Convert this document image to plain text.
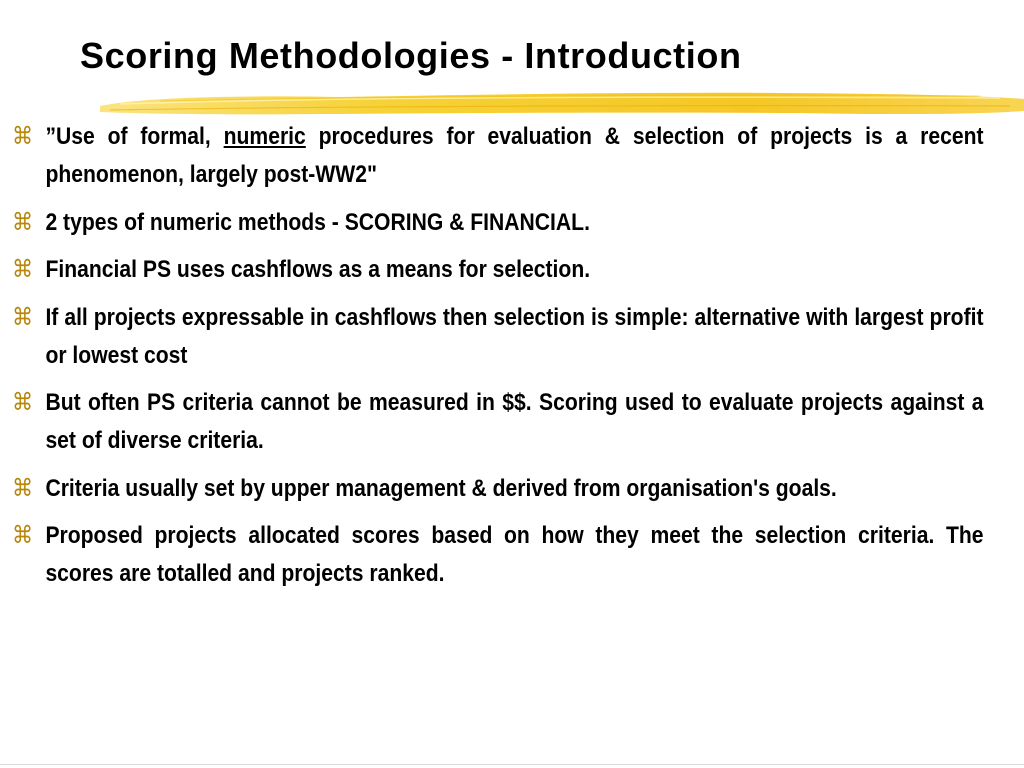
Scoring Methodologies - Introduction
⌘ ”Use of formal, numeric procedures for evaluation & selection of projects is a recent phenomenon, largely post-WW2"
⌘ 2 types of numeric methods - SCORING & FINANCIAL.
⌘ Financial PS uses cashflows as a means for selection.
⌘ If all projects expressable in cashflows then selection is simple: alternative with largest profit or lowest cost
⌘ But often PS criteria cannot be measured in $$. Scoring used to evaluate projects against a set of diverse criteria.
⌘ Criteria usually set by upper management & derived from organisation's goals.
⌘ Proposed projects allocated scores based on how they meet the selection criteria. The scores are totalled and projects ranked.
